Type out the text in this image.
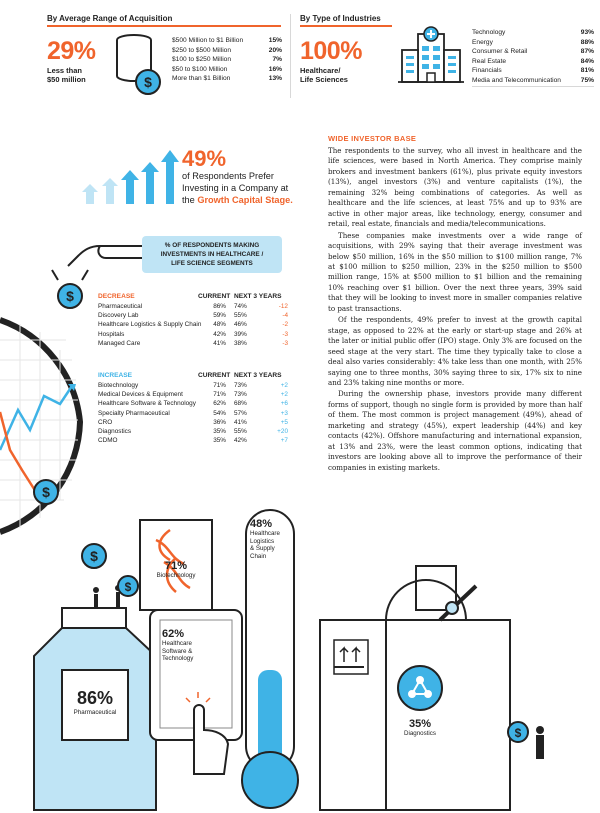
By Average Range of Acquisition
29%
Less than
$50 million	$
$500 Million to $1 Billion	15%
$250 to $500 Million	20%
$100 to $250 Million	7%
$50 to $100 Million	16%
More than $1 Billion	13%
By Type of Industries
100%
Healthcare/
Life Sciences
Technology	93%
Energy	88%
Consumer & Retail	87%
Real Estate	84%
Financials	81%
Media and Telecommunication	75%
49%
of Respondents Prefer
Investing in a Company at
the Growth Capital Stage.
% OF RESPONDENTS MAKING
INVESTMENTS IN HEALTHCARE /
LIFE SCIENCE SEGMENTS
$	DECREASE	CURRENT NEXT 3 YEARS
Pharmaceutical	86%	74%	-12
Discovery Lab	59%	55%	-4
Healthcare Logistics & Supply Chain	48%	46%	-2
Hospitals	42%	39%	-3
Managed Care	41%	38%	-3
INCREASE	CURRENT NEXT 3 YEARS
Biotechnology	71%	73%	+2
Medical Devices & Equipment	71%	73%	+2
Healthcare Software & Technology	62%	68%	+6
Specialty Pharmaceutical	54%	57%	+3
CRO	36%	41%	+5
Diagnostics	35%	55%	+20
CDMO	35%	42%	+7
$
WIDE INVESTOR BASE

The respondents to the survey, who all invest in healthcare and the life sciences, were based in North America. They comprise mainly brokers and investment bankers (61%), plus private equity investors (13%), angel investors (3%) and venture capitalists (1%), the remaining 32% being combinations of categories. As well as healthcare and the life sciences, at least 75% and up to 93% are active in other major areas, like technology, energy, consumer and retail, real estate, financials and media/telecommunications.

These companies make investments over a wide range of acquisitions, with 29% saying that their average investment was below $50 million, 16% in the $50 million to $100 million range, 7% at $100 million to $250 million, 23% in the $250 million to $500 million range, 15% at $500 million to $1 billion and the remaining 10% reaching over $1 billion. Over the next three years, 39% said that they will be looking to invest more in smaller companies relative to past transactions.

Of the respondents, 49% prefer to invest at the growth capital stage, as opposed to 22% at the early or start-up stage and 26% at the later or initial public offer (IPO) stage. Only 3% are focused on the seed stage at the very start. The time they typically take to close a deal also varies considerably: 4% take less than one month, with 25% saying one to three months, 30% saying three to six, 17% six to nine and 23% taking nine months or more.

During the ownership phase, investors provide many different forms of support, though no single form is provided by more than half of them. The most common is project management (49%), ahead of marketing and strategy (45%), expert leadership (44%) and key contacts (42%). Offshore manufacturing and international expansion, at 13% and 23%, were the least common options, indicating that investors are looking above all to improve the performance of their companies in existing markets.

$
$
$
71%
Biotechnology
48%
Healthcare
Logistics
& Supply
Chain
62%
Healthcare
Software &
Technology
86%
Pharmaceutical
35%
Diagnostics
